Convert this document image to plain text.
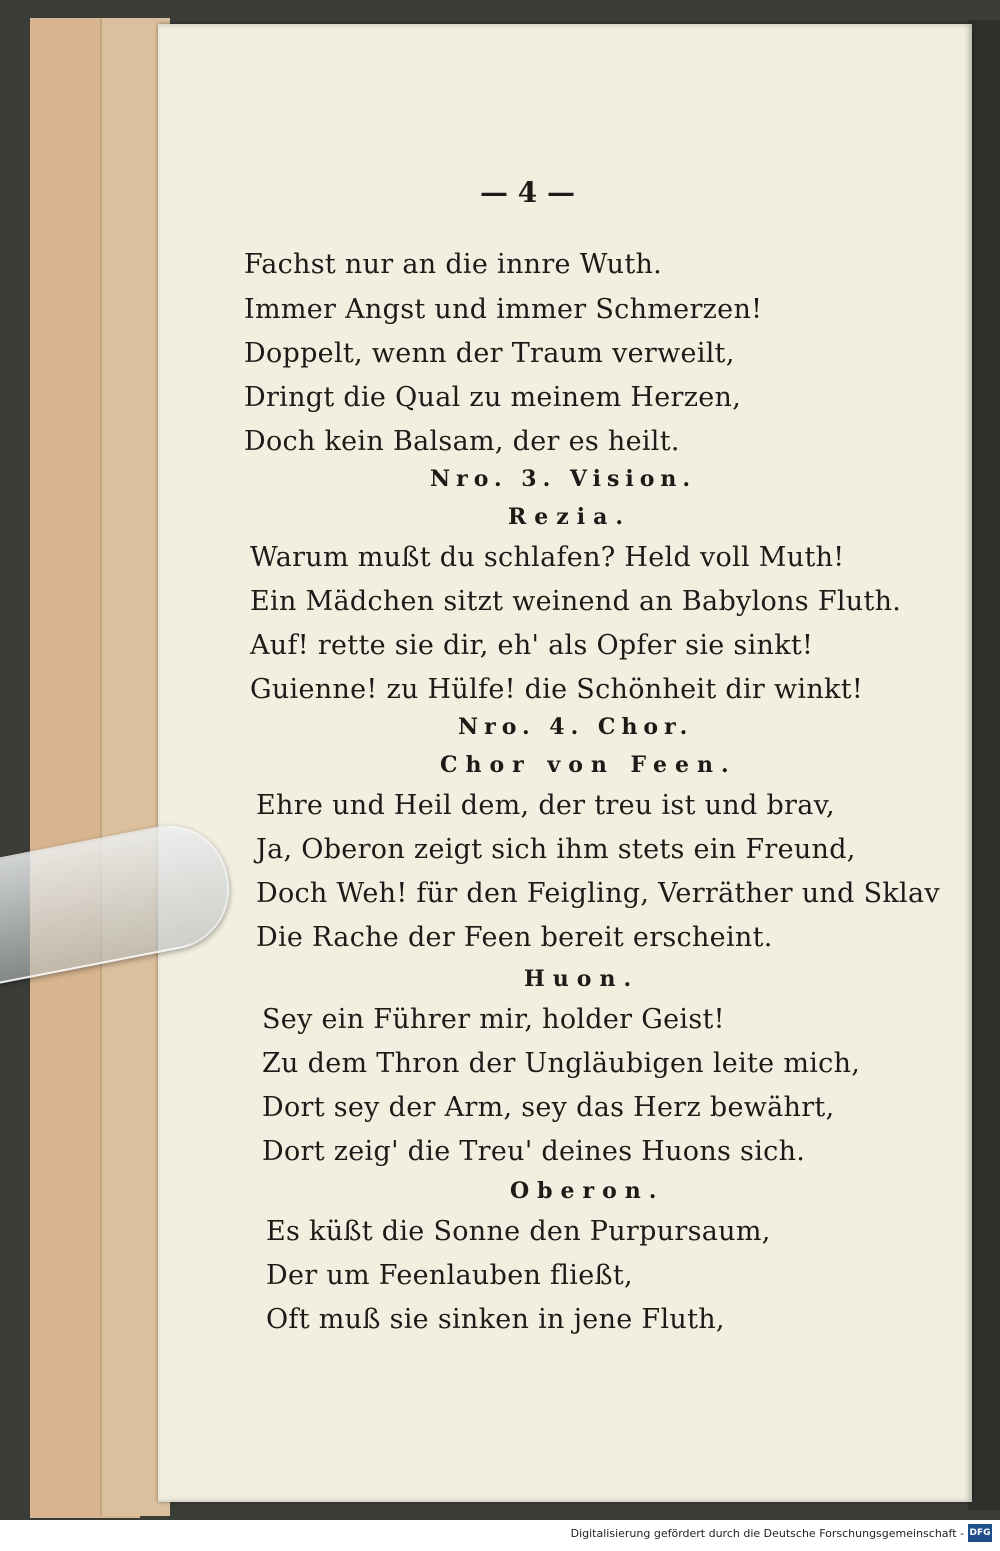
— 4 —
Fachst nur an die innre Wuth.
Immer Angst und immer Schmerzen!
Doppelt, wenn der Traum verweilt,
Dringt die Qual zu meinem Herzen,
Doch kein Balsam, der es heilt.
Nro. 3. Vision.
Rezia.
Warum mußt du schlafen? Held voll Muth!
Ein Mädchen sitzt weinend an Babylons Fluth.
Auf! rette sie dir, eh' als Opfer sie sinkt!
Guienne! zu Hülfe! die Schönheit dir winkt!
Nro. 4. Chor.
Chor von Feen.
Ehre und Heil dem, der treu ist und brav,
Ja, Oberon zeigt sich ihm stets ein Freund,
Doch Weh! für den Feigling, Verräther und Sklav
Die Rache der Feen bereit erscheint.
Huon.
Sey ein Führer mir, holder Geist!
Zu dem Thron der Ungläubigen leite mich,
Dort sey der Arm, sey das Herz bewährt,
Dort zeig' die Treu' deines Huons sich.
Oberon.
Es küßt die Sonne den Purpursaum,
Der um Feenlauben fließt,
Oft muß sie sinken in jene Fluth,
Digitalisierung gefördert durch die Deutsche Forschungsgemeinschaft - DFG
